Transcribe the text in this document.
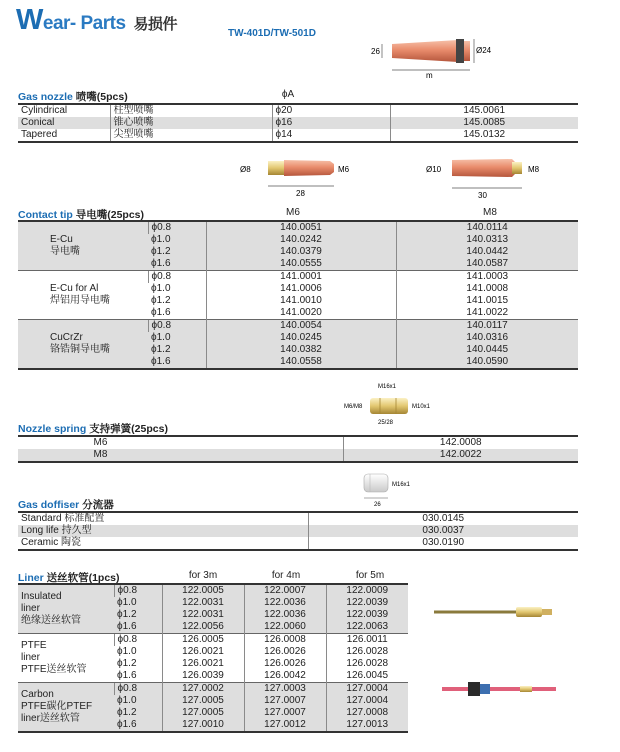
Wear- Parts 易损件
TW-401D/TW-501D
m
Ø24
26
Gas nozzle 喷嘴(5pcs)	ϕA
Cylindrical	柱型喷嘴	ϕ20	145.0061
Conical	锥心喷嘴	ϕ16	145.0085
Tapered	尖型喷嘴	ϕ14	145.0132
Ø8	M6
28
Ø10	M8
30
Contact tip 导电嘴(25pcs)	M6	M8
E-Cu
导电嘴	ϕ0.8	140.0051	140.0114
	ϕ1.0	140.0242	140.0313
	ϕ1.2	140.0379	140.0442
	ϕ1.6	140.0555	140.0587

E-Cu for Al
焊铝用导电嘴	ϕ0.8	141.0001	141.0003
	ϕ1.0	141.0006	141.0008
	ϕ1.2	141.0010	141.0015
	ϕ1.6	141.0020	141.0022

CuCrZr
铬锆铜导电嘴	ϕ0.8	140.0054	140.0117
	ϕ1.0	140.0245	140.0316
	ϕ1.2	140.0382	140.0445
	ϕ1.6	140.0558	140.0590
M16x1
M6/M8	M10x1
25/28
Nozzle spring 支持弹簧(25pcs)
M6		142.0008
M8		142.0022
M16x1
26
Gas doffiser 分流器
Standard 标准配置	030.0145
Long life 持久型	030.0037
Ceramic 陶瓷	030.0190
Liner 送丝软管(1pcs)	for 3m	for 4m	for 5m
Insulated
liner
绝缘送丝软管	ϕ0.8	122.0005	122.0007	122.0009
	ϕ1.0	122.0031	122.0036	122.0039
	ϕ1.2	122.0031	122.0036	122.0039
	ϕ1.6	122.0056	122.0060	122.0063

PTFE
liner
PTFE送丝软管	ϕ0.8	126.0005	126.0008	126.0011
	ϕ1.0	126.0021	126.0026	126.0028
	ϕ1.2	126.0021	126.0026	126.0028
	ϕ1.6	126.0039	126.0042	126.0045

Carbon
PTFE碳化PTEF
liner送丝软管	ϕ0.8	127.0002	127.0003	127.0004
	ϕ1.0	127.0005	127.0007	127.0004
	ϕ1.2	127.0005	127.0007	127.0008
	ϕ1.6	127.0010	127.0012	127.0013
